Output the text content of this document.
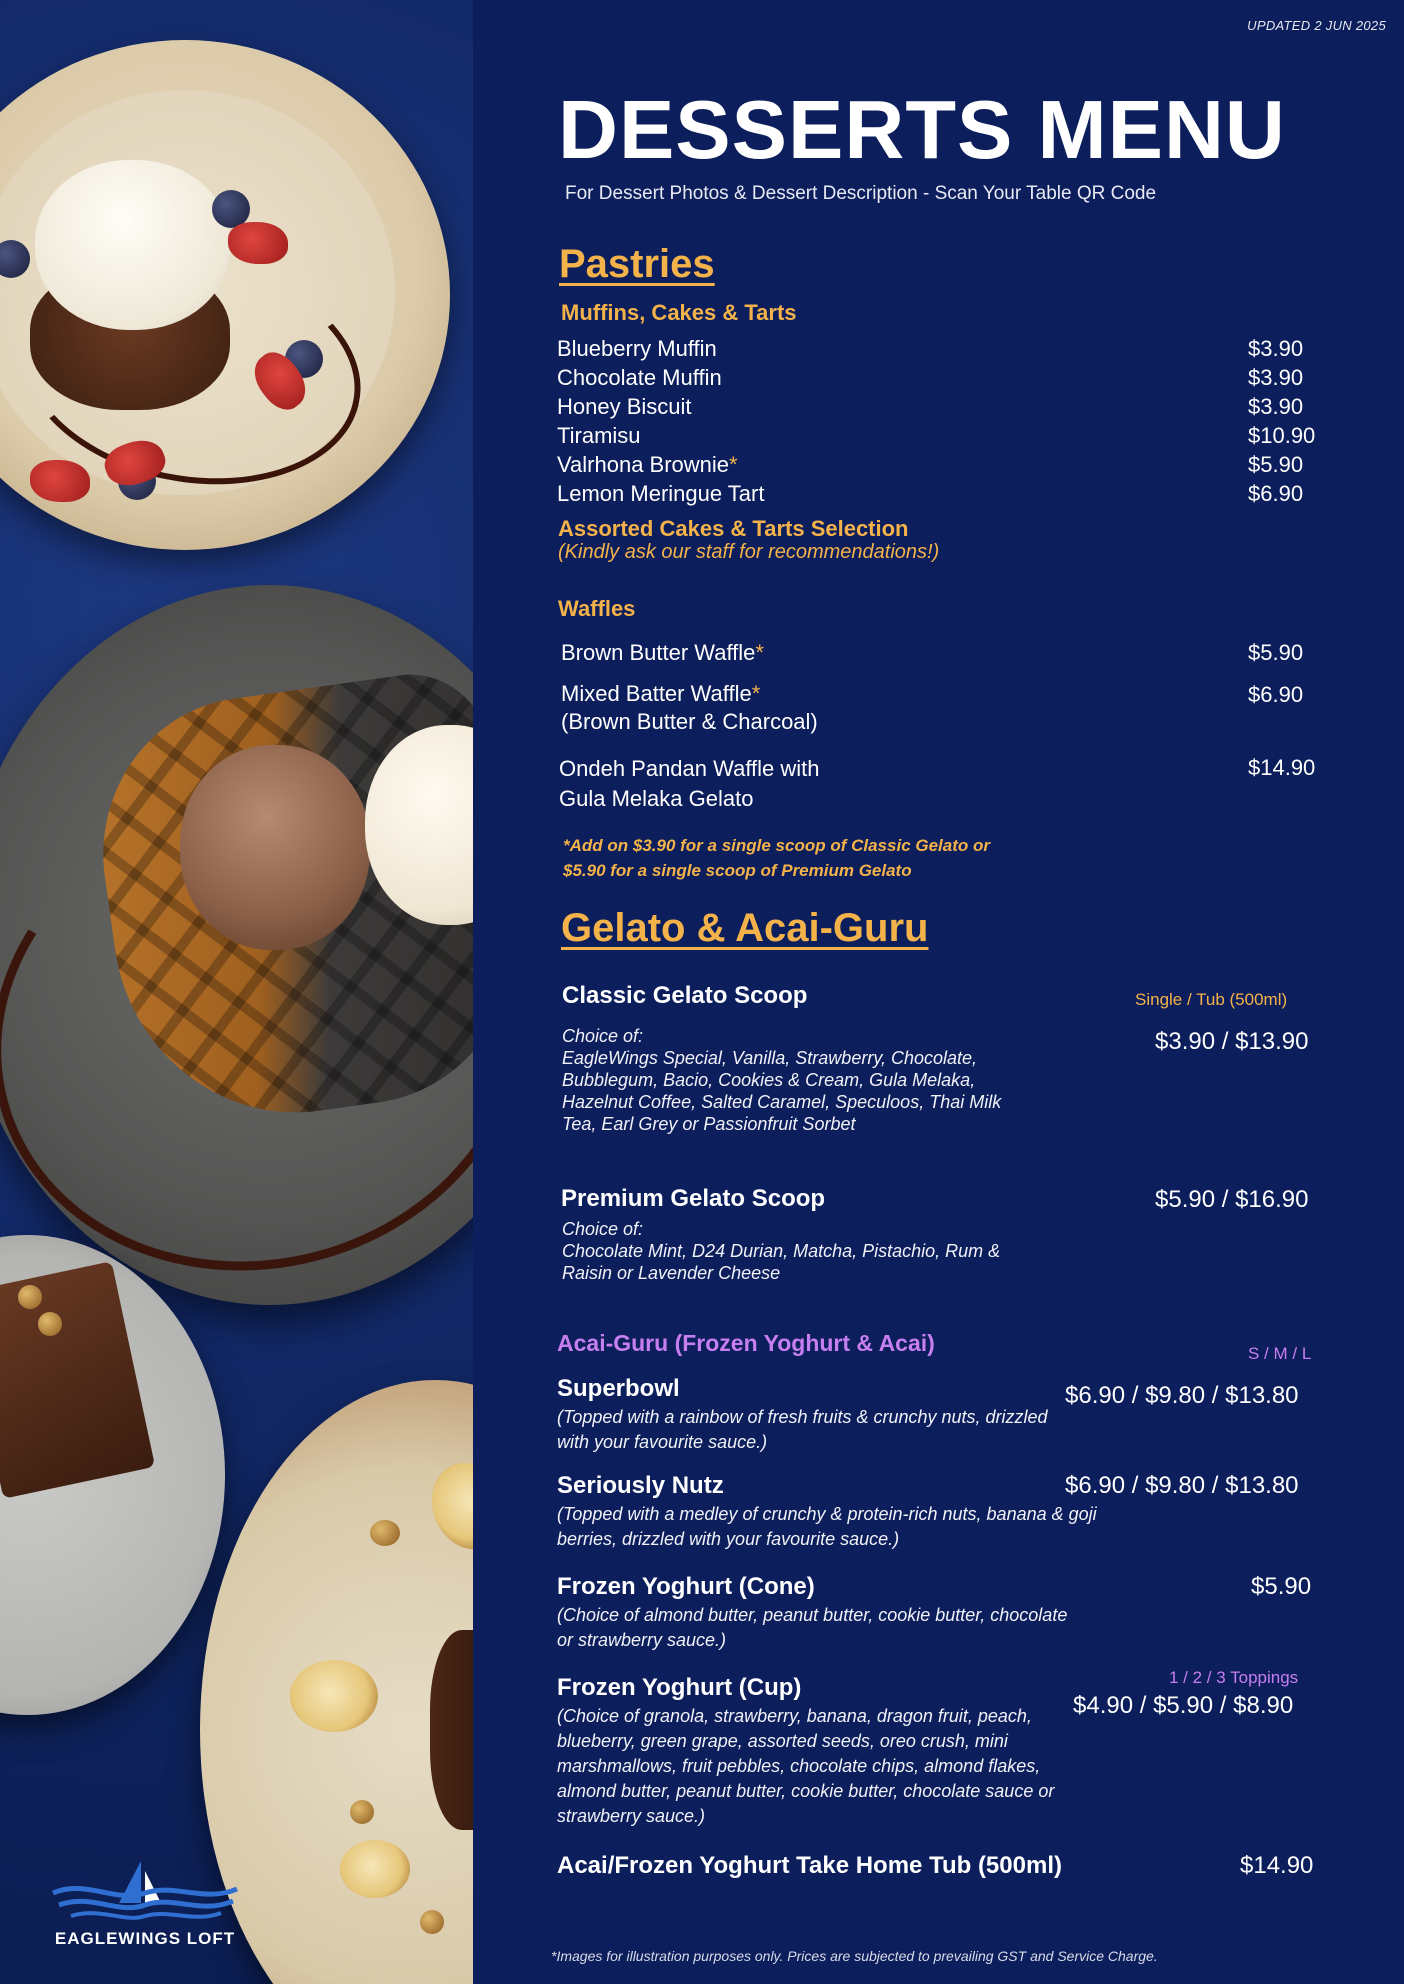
EAGLEWINGS LOFT
UPDATED 2 JUN 2025
DESSERTS MENU
For Dessert Photos & Dessert Description - Scan Your Table QR Code
Pastries
Muffins, Cakes & Tarts
Blueberry Muffin	$3.90
Chocolate Muffin	$3.90
Honey Biscuit	$3.90
Tiramisu	$10.90
Valrhona Brownie*	$5.90
Lemon Meringue Tart	$6.90
Assorted Cakes & Tarts Selection
(Kindly ask our staff for recommendations!)
Waffles
Brown Butter Waffle*	$5.90
Mixed Batter Waffle*
(Brown Butter & Charcoal)
$6.90
Ondeh Pandan Waffle with
Gula Melaka Gelato
$14.90
*Add on $3.90 for a single scoop of Classic Gelato or
$5.90 for a single scoop of Premium Gelato
Gelato & Acai-Guru
Classic Gelato Scoop	Single / Tub (500ml)
$3.90 / $13.90
Choice of:
EagleWings Special, Vanilla, Strawberry, Chocolate, Bubblegum, Bacio, Cookies & Cream, Gula Melaka, Hazelnut Coffee, Salted Caramel, Speculoos, Thai Milk Tea, Earl Grey or Passionfruit Sorbet
Premium Gelato Scoop	$5.90 / $16.90
Choice of:
Chocolate Mint, D24 Durian, Matcha, Pistachio, Rum & Raisin or Lavender Cheese
Acai-Guru (Frozen Yoghurt & Acai)	S / M / L
Superbowl	$6.90 / $9.80 / $13.80
(Topped with a rainbow of fresh fruits & crunchy nuts, drizzled with your favourite sauce.)
Seriously Nutz	$6.90 / $9.80 / $13.80
(Topped with a medley of crunchy & protein-rich nuts, banana & goji berries, drizzled with your favourite sauce.)
Frozen Yoghurt (Cone)	$5.90
(Choice of almond butter, peanut butter, cookie butter, chocolate or strawberry sauce.)
1 / 2 / 3 Toppings
Frozen Yoghurt (Cup)
$4.90 / $5.90 / $8.90
(Choice of granola, strawberry, banana, dragon fruit, peach, blueberry, green grape, assorted seeds, oreo crush, mini marshmallows, fruit pebbles, chocolate chips, almond flakes, almond butter, peanut butter, cookie butter, chocolate sauce or strawberry sauce.)
Acai/Frozen Yoghurt Take Home Tub (500ml)	$14.90
*Images for illustration purposes only. Prices are subjected to prevailing GST and Service Charge.
